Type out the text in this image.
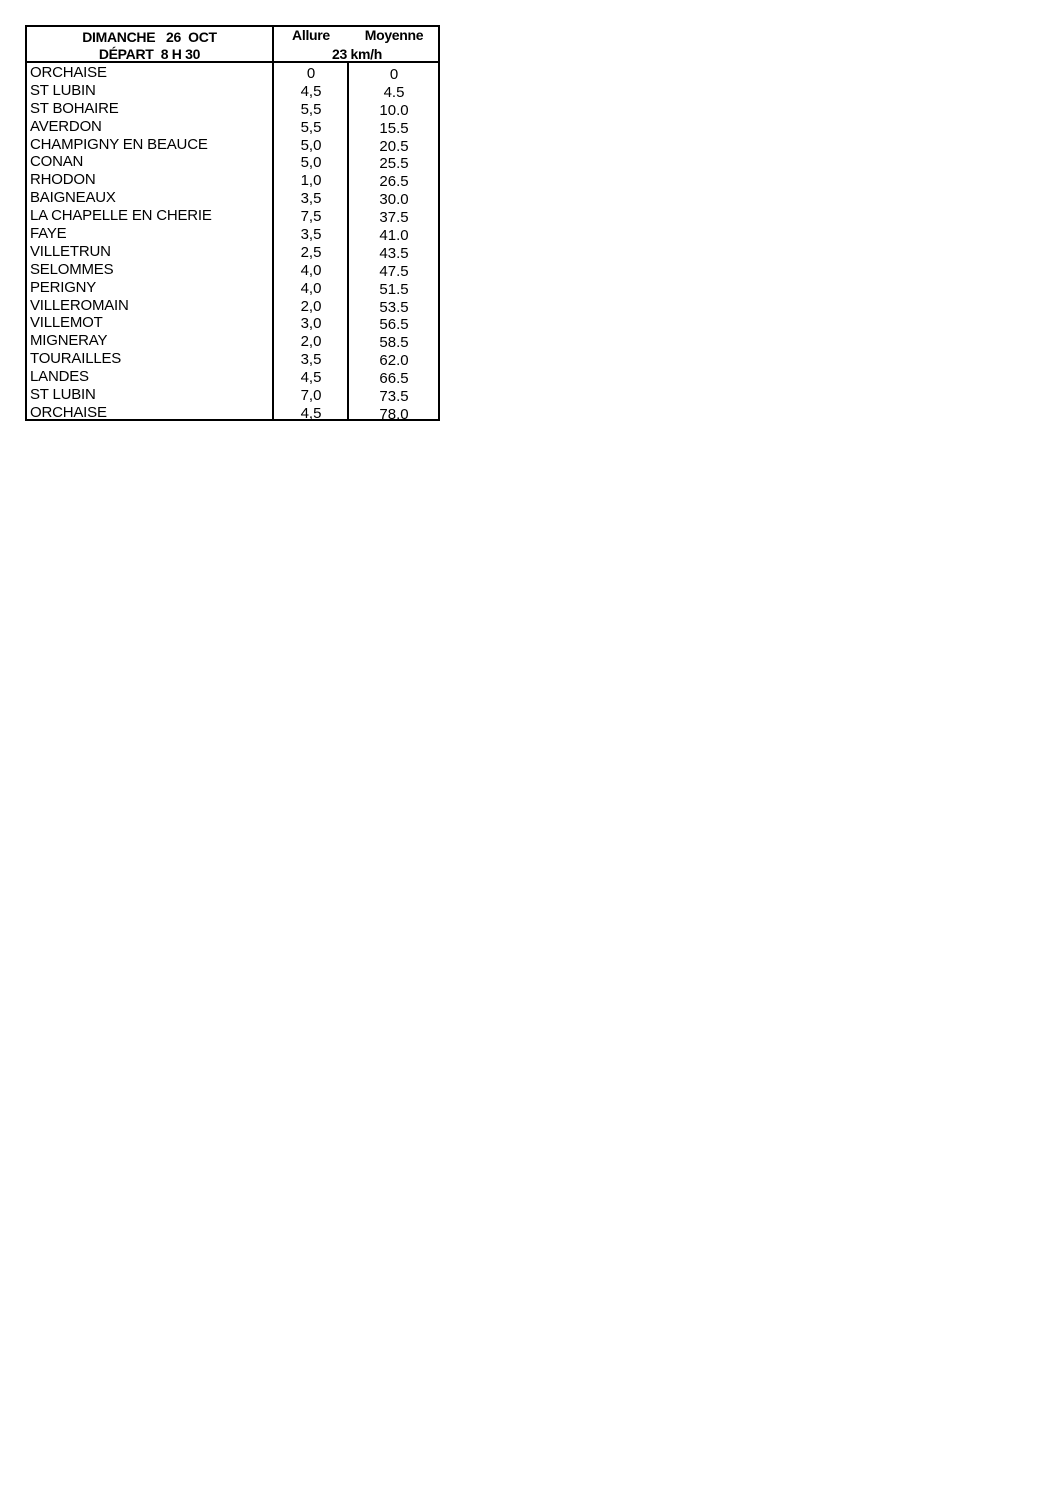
DIMANCHE   26  OCT
DÉPART  8 H 30
Allure	Moyenne
23 km/h
ORCHAISE	0	0
ST LUBIN	4,5	4.5
ST BOHAIRE	5,5	10.0
AVERDON	5,5	15.5
CHAMPIGNY EN BEAUCE	5,0	20.5
CONAN	5,0	25.5
RHODON	1,0	26.5
BAIGNEAUX	3,5	30.0
LA CHAPELLE EN CHERIE	7,5	37.5
FAYE	3,5	41.0
VILLETRUN	2,5	43.5
SELOMMES	4,0	47.5
PERIGNY	4,0	51.5
VILLEROMAIN	2,0	53.5
VILLEMOT	3,0	56.5
MIGNERAY	2,0	58.5
TOURAILLES	3,5	62.0
LANDES	4,5	66.5
ST LUBIN	7,0	73.5
ORCHAISE	4,5	78.0
